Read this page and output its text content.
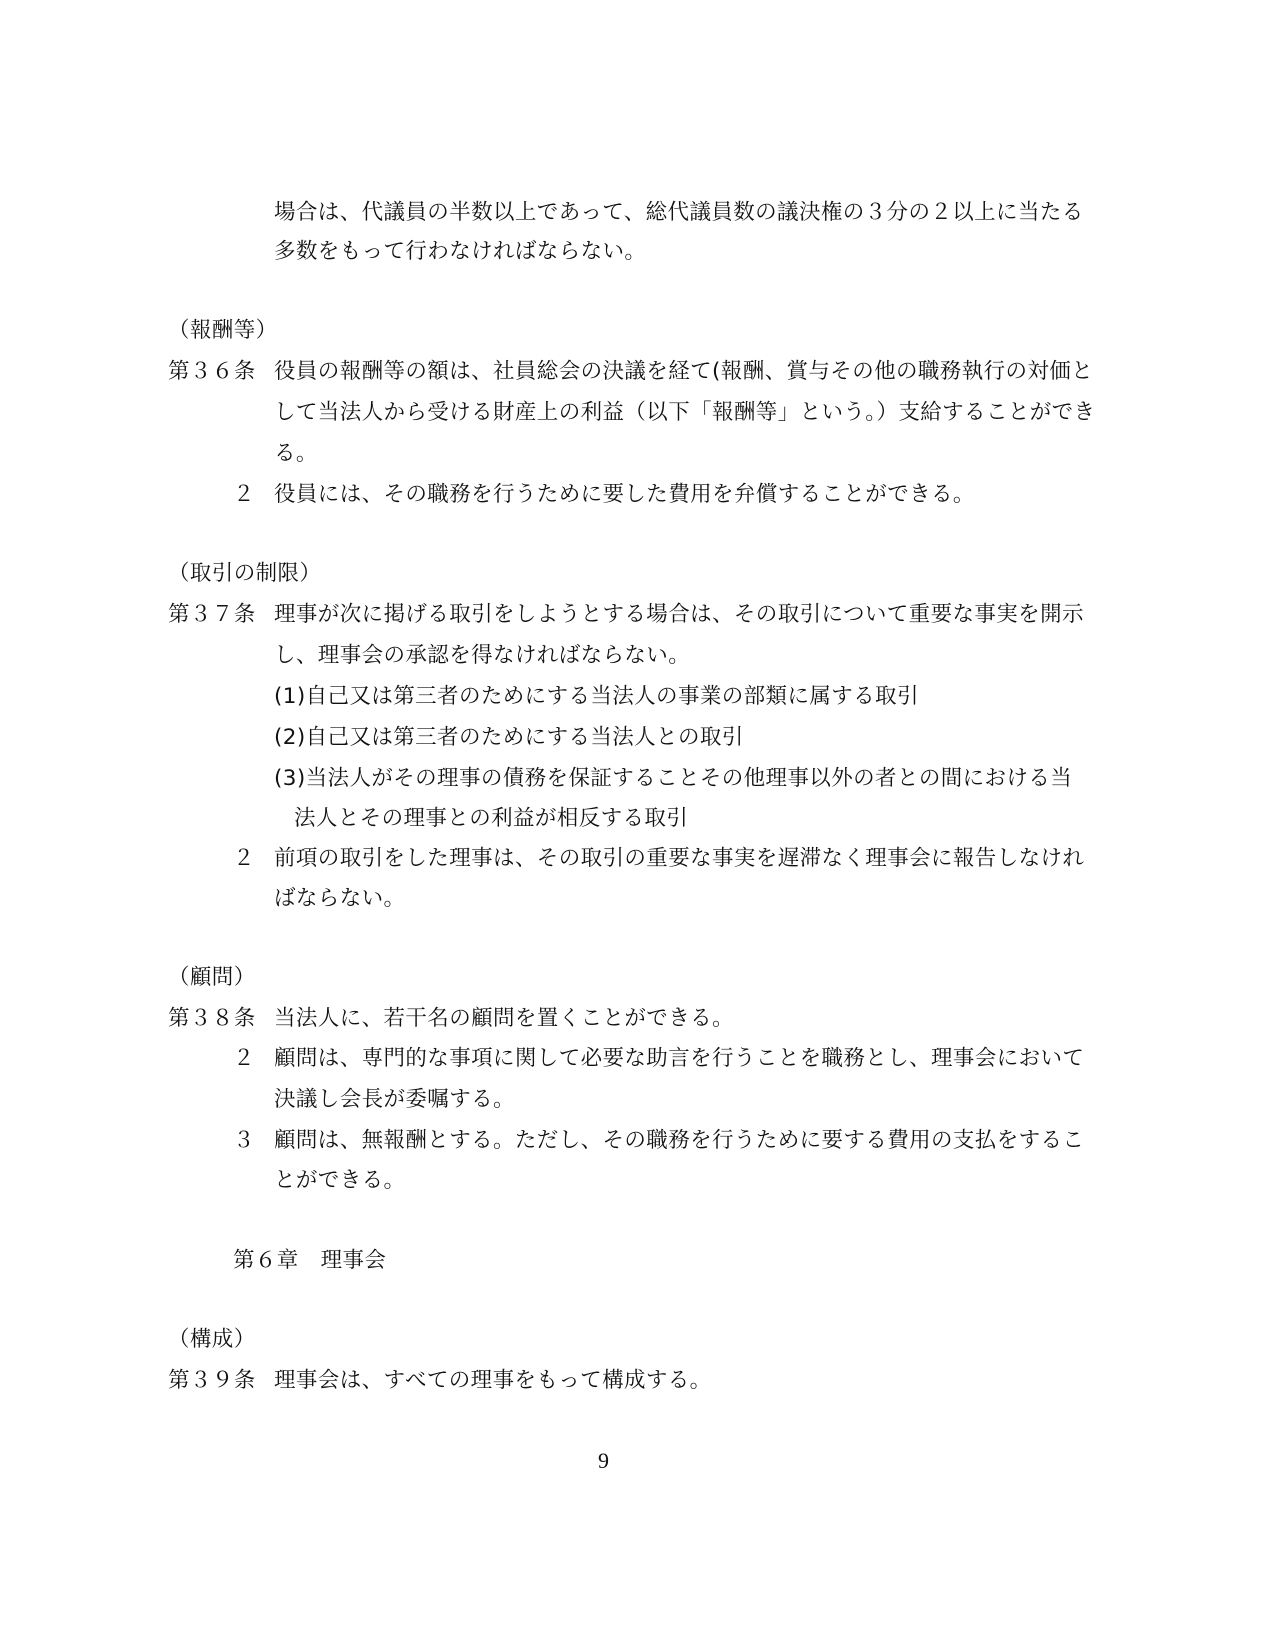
場合は、代議員の半数以上であって、総代議員数の議決権の３分の２以上に当たる
多数をもって行わなければならない。
（報酬等）
第３６条 役員の報酬等の額は、社員総会の決議を経て(報酬、賞与その他の職務執行の対価と
して当法人から受ける財産上の利益（以下「報酬等」という。）支給することができ
る。
２ 役員には、その職務を行うために要した費用を弁償することができる。
（取引の制限）
第３７条 理事が次に掲げる取引をしようとする場合は、その取引について重要な事実を開示
し、理事会の承認を得なければならない。
(1)自己又は第三者のためにする当法人の事業の部類に属する取引
(2)自己又は第三者のためにする当法人との取引
(3)当法人がその理事の債務を保証することその他理事以外の者との間における当
法人とその理事との利益が相反する取引
２ 前項の取引をした理事は、その取引の重要な事実を遅滞なく理事会に報告しなけれ
ばならない。
（顧問）
第３８条 当法人に、若干名の顧問を置くことができる。
２ 顧問は、専門的な事項に関して必要な助言を行うことを職務とし、理事会において
決議し会長が委嘱する。
３ 顧問は、無報酬とする。ただし、その職務を行うために要する費用の支払をするこ
とができる。
第６章　理事会
（構成）
第３９条 理事会は、すべての理事をもって構成する。
9
